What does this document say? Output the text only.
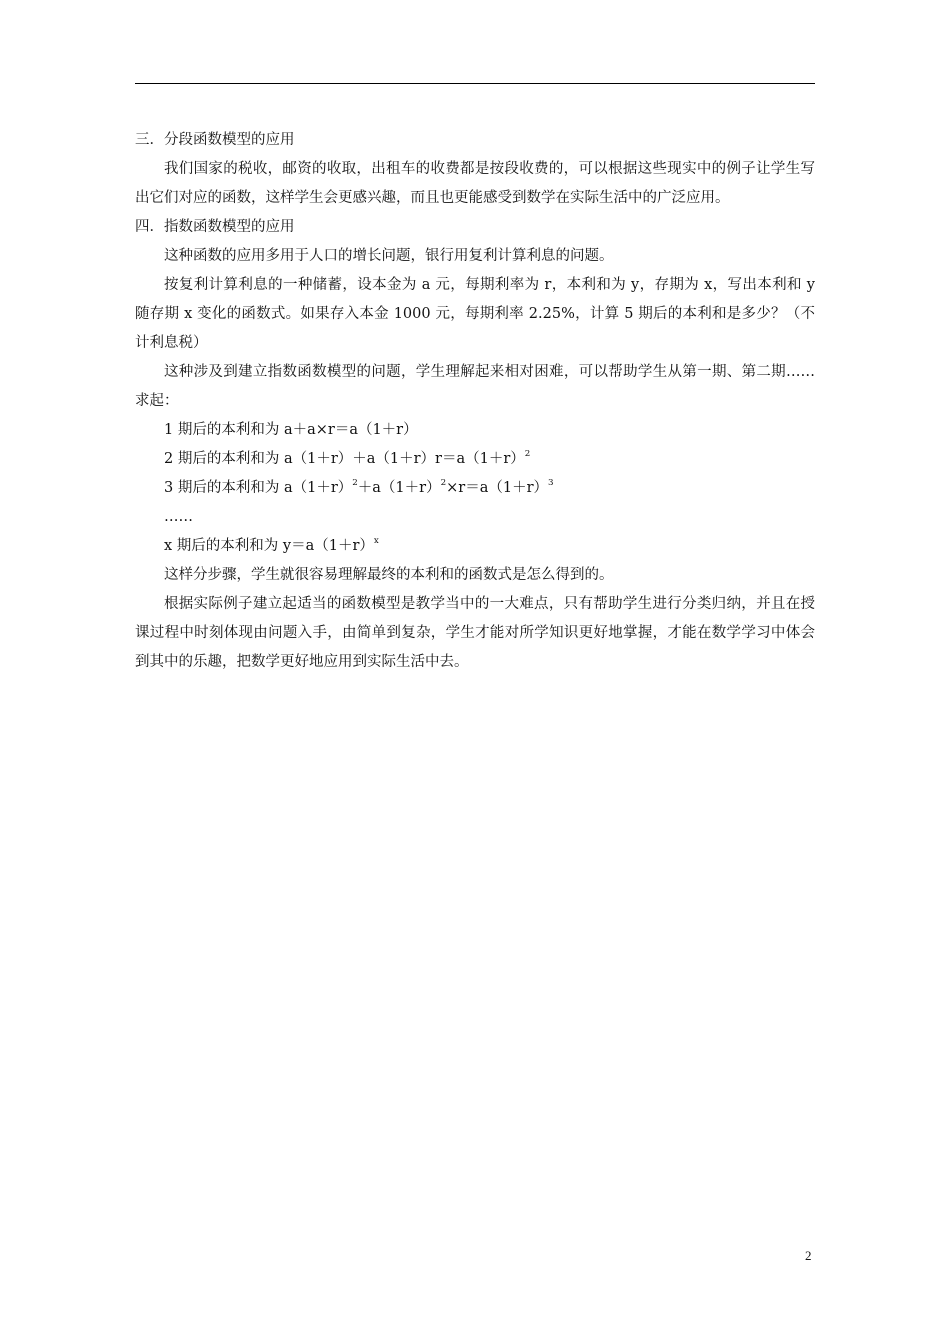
三．分段函数模型的应用

我们国家的税收，邮资的收取，出租车的收费都是按段收费的，可以根据这些现实中的例子让学生写出它们对应的函数，这样学生会更感兴趣，而且也更能感受到数学在实际生活中的广泛应用。

四．指数函数模型的应用

这种函数的应用多用于人口的增长问题，银行用复利计算利息的问题。

按复利计算利息的一种储蓄，设本金为 a 元，每期利率为 r，本利和为 y，存期为 x，写出本利和 y 随存期 x 变化的函数式。如果存入本金 1000 元，每期利率 2.25%，计算 5 期后的本利和是多少？（不计利息税）

这种涉及到建立指数函数模型的问题，学生理解起来相对困难，可以帮助学生从第一期、第二期……求起：

1 期后的本利和为 a＋a×r＝a（1＋r）

2 期后的本利和为 $a(1+r)+a(1+r)r=a(1+r)^2$

3 期后的本利和为 $a(1+r)^2+a(1+r)^2\times r=a(1+r)^3$

……

x 期后的本利和为 $y=a(1+r)^x$

这样分步骤，学生就很容易理解最终的本利和的函数式是怎么得到的。

根据实际例子建立起适当的函数模型是教学当中的一大难点，只有帮助学生进行分类归纳，并且在授课过程中时刻体现由问题入手，由简单到复杂，学生才能对所学知识更好地掌握，才能在数学学习中体会到其中的乐趣，把数学更好地应用到实际生活中去。

2
